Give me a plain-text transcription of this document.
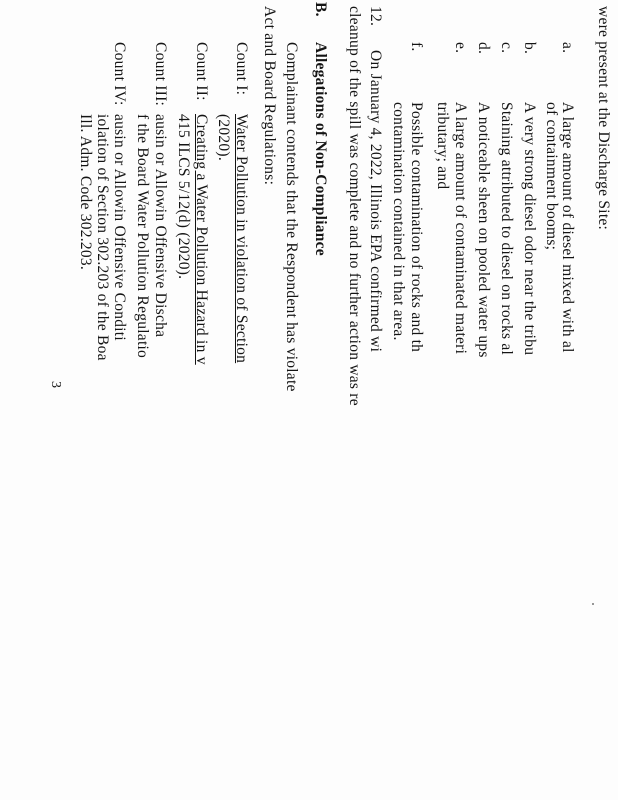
were present at the Discharge Site:
a.
A large amount of diesel mixed with al
of containment booms;
b.
A very strong diesel odor near the tribu
c.
Staining attributed to diesel on rocks al
d.
A noticeable sheen on pooled water ups
e.
A large amount of contaminated materi
tributary; and
f.
Possible contamination of rocks and th
contamination contained in that area.
12.
On January 4, 2022, Illinois EPA confirmed wi
cleanup of the spill was complete and no further action was re
B.
Allegations of Non-Compliance
Complainant contends that the Respondent has violate
Act and Board Regulations:
Count I:
Water Pollution in violation of Section
(2020).
Count II:
Creating a Water Pollution Hazard in v
415 ILCS 5/12(d) (2020).
Count III:
ausin or Allowin Offensive Discha
f the Board Water Pollution Regulatio
Count IV:
ausin or Allowin Offensive Conditi
iolation of Section 302.203 of the Boa
Ill. Adm. Code 302.203.
3
